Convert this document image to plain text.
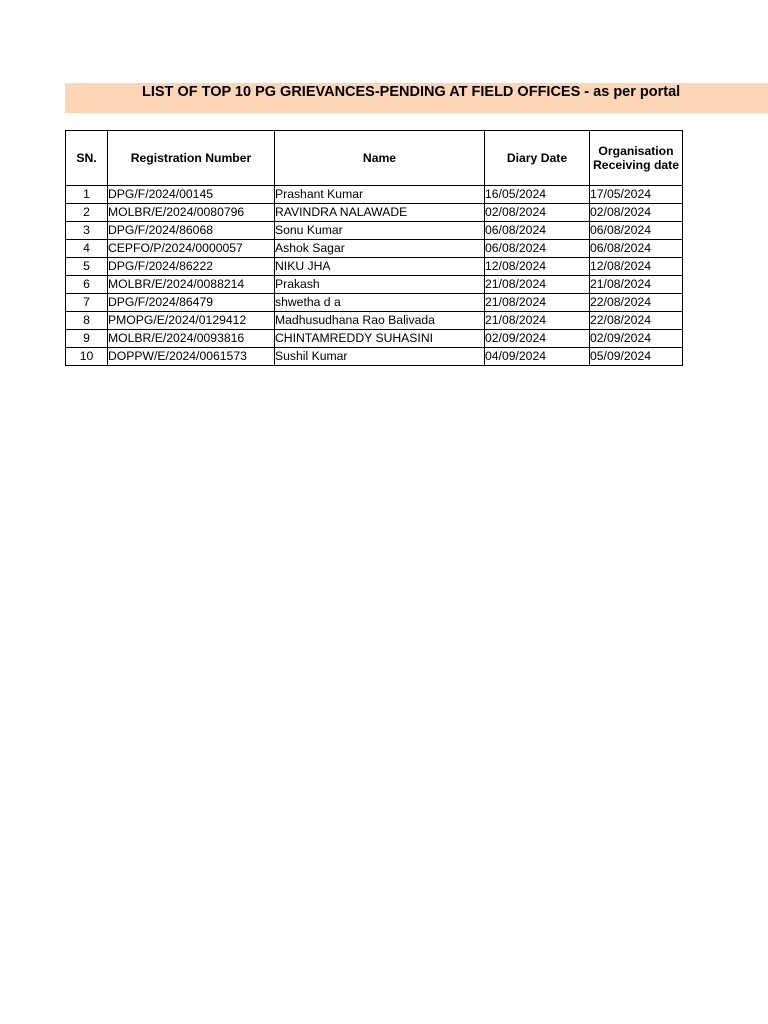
LIST OF TOP 10 PG GRIEVANCES-PENDING AT FIELD OFFICES - as per portal
SN.	Registration Number	Name	Diary Date	Organisation
Receiving date

1	DPG/F/2024/00145	Prashant Kumar	16/05/2024	17/05/2024
2	MOLBR/E/2024/0080796	RAVINDRA NALAWADE	02/08/2024	02/08/2024
3	DPG/F/2024/86068	Sonu Kumar	06/08/2024	06/08/2024
4	CEPFO/P/2024/0000057	Ashok Sagar	06/08/2024	06/08/2024
5	DPG/F/2024/86222	NIKU JHA	12/08/2024	12/08/2024
6	MOLBR/E/2024/0088214	Prakash	21/08/2024	21/08/2024
7	DPG/F/2024/86479	shwetha d a	21/08/2024	22/08/2024
8	PMOPG/E/2024/0129412	Madhusudhana Rao Balivada	21/08/2024	22/08/2024
9	MOLBR/E/2024/0093816	CHINTAMREDDY SUHASINI	02/09/2024	02/09/2024
10	DOPPW/E/2024/0061573	Sushil Kumar	04/09/2024	05/09/2024
